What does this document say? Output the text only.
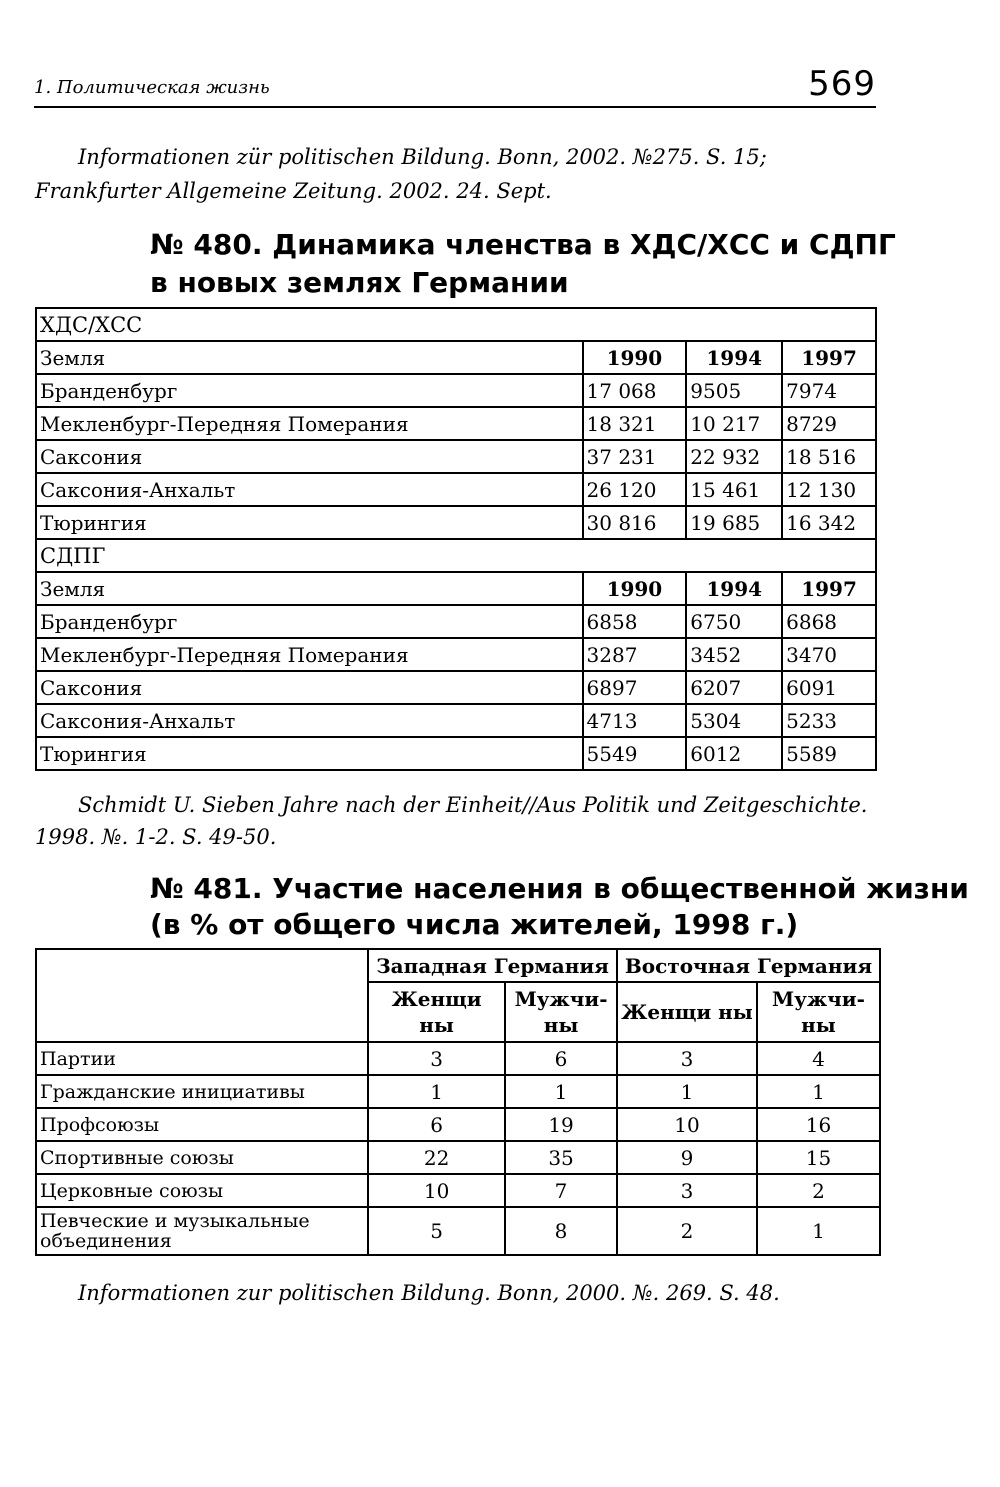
1. Политическая жизнь	569
Informationen zür politischen Bildung. Bonn, 2002. №275. S. 15;
Frankfurter Allgemeine Zeitung. 2002. 24. Sept.
№ 480. Динамика членства в ХДС/ХСС и СДПГ
в новых землях Германии
ХДС/ХСС			
Земля	1990	1994	1997
Бранденбург	17 068	9505	7974
Мекленбург-Передняя Померания	18 321	10 217	8729
Саксония	37 231	22 932	18 516
Саксония-Анхальт	26 120	15 461	12 130
Тюрингия	30 816	19 685	16 342
СДПГ			
Земля	1990	1994	1997
Бранденбург	6858	6750	6868
Мекленбург-Передняя Померания	3287	3452	3470
Саксония	6897	6207	6091
Саксония-Анхальт	4713	5304	5233
Тюрингия	5549	6012	5589
Schmidt U. Sieben Jahre nach der Einheit//Aus Politik und Zeitgeschichte.
1998. №. 1-2. S. 49-50.
№ 481. Участие населения в общественной жизни
(в % от общего числа жителей, 1998 г.)
	Западная Германия		Восточная Германия	
	Женщи ны	Мужчи- ны	Женщи ны	Мужчи- ны
Партии	3	6	3	4
Гражданские инициативы	1	1	1	1
Профсоюзы	6	19	10	16
Спортивные союзы	22	35	9	15
Церковные союзы	10	7	3	2
Певческие и музыкальные объединения	5	8	2	1
Informationen zur politischen Bildung. Bonn, 2000. №. 269. S. 48.
